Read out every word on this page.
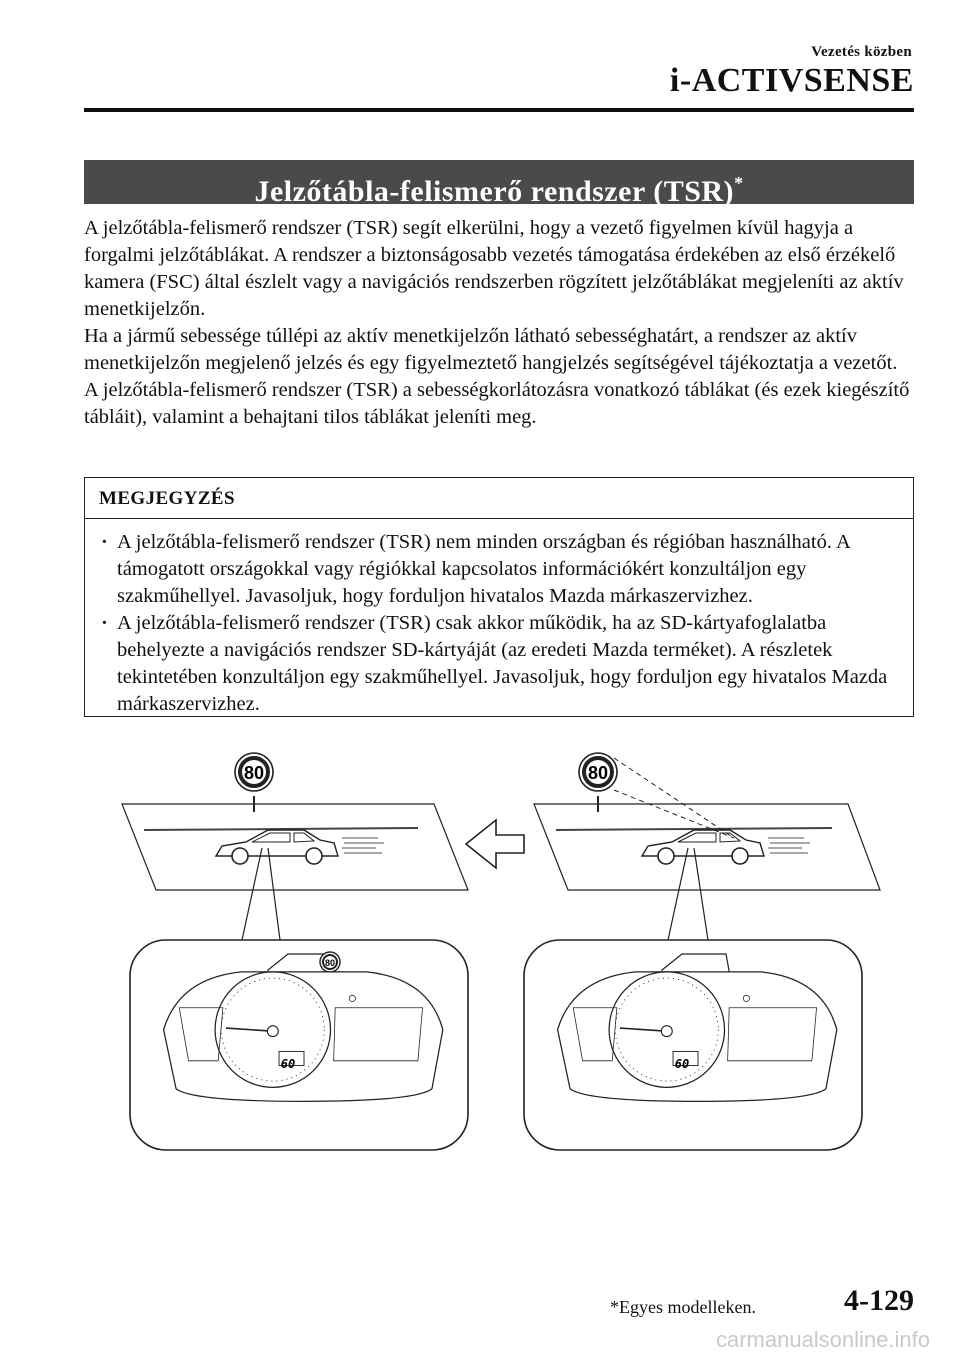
Vezetés közben
i-ACTIVSENSE
Jelzőtábla-felismerő rendszer (TSR)*

A jelzőtábla-felismerő rendszer (TSR) segít elkerülni, hogy a vezető figyelmen kívül hagyja a forgalmi jelzőtáblákat. A rendszer a biztonságosabb vezetés támogatása érdekében az első érzékelő kamera (FSC) által észlelt vagy a navigációs rendszerben rögzített jelzőtáblákat megjeleníti az aktív menetkijelzőn.

Ha a jármű sebessége túllépi az aktív menetkijelzőn látható sebességhatárt, a rendszer az aktív menetkijelzőn megjelenő jelzés és egy figyelmeztető hangjelzés segítségével tájékoztatja a vezetőt.

A jelzőtábla-felismerő rendszer (TSR) a sebességkorlátozásra vonatkozó táblákat (és ezek kiegészítő tábláit), valamint a behajtani tilos táblákat jeleníti meg.

MEGJEGYZÉS
· A jelzőtábla-felismerő rendszer (TSR) nem minden országban és régióban használható. A támogatott országokkal vagy régiókkal kapcsolatos információkért konzultáljon egy szakműhellyel. Javasoljuk, hogy forduljon hivatalos Mazda márkaszervizhez.
· A jelzőtábla-felismerő rendszer (TSR) csak akkor működik, ha az SD-kártyafoglalatba behelyezte a navigációs rendszer SD-kártyáját (az eredeti Mazda terméket). A részletek tekintetében konzultáljon egy szakműhellyel. Javasoljuk, hogy forduljon egy hivatalos Mazda márkaszervizhez.
80	80
80
60	60
*Egyes modelleken.	4-129
carmanualsonline.info
